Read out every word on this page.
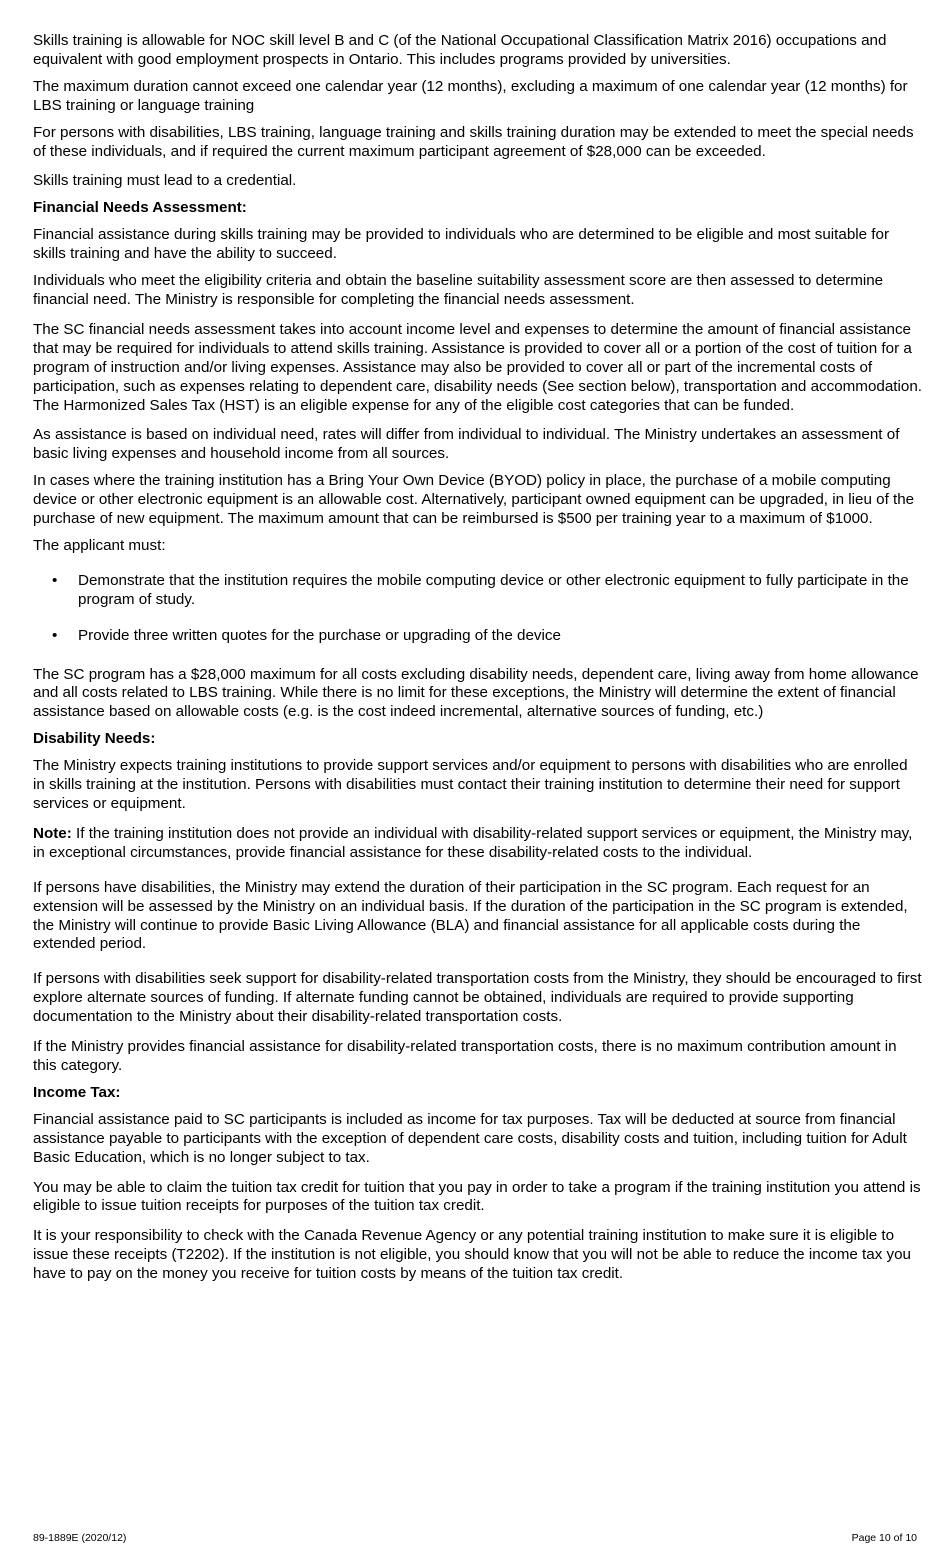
Skills training is allowable for NOC skill level B and C (of the National Occupational Classification Matrix 2016) occupations and equivalent with good employment prospects in Ontario. This includes programs provided by universities.

The maximum duration cannot exceed one calendar year (12 months), excluding a maximum of one calendar year (12 months) for LBS training or language training

For persons with disabilities, LBS training, language training and skills training duration may be extended to meet the special needs of these individuals, and if required the current maximum participant agreement of $28,000 can be exceeded.

Skills training must lead to a credential.

Financial Needs Assessment:

Financial assistance during skills training may be provided to individuals who are determined to be eligible and most suitable for skills training and have the ability to succeed.

Individuals who meet the eligibility criteria and obtain the baseline suitability assessment score are then assessed to determine financial need. The Ministry is responsible for completing the financial needs assessment.

The SC financial needs assessment takes into account income level and expenses to determine the amount of financial assistance that may be required for individuals to attend skills training. Assistance is provided to cover all or a portion of the cost of tuition for a program of instruction and/or living expenses. Assistance may also be provided to cover all or part of the incremental costs of participation, such as expenses relating to dependent care, disability needs (See section below), transportation and accommodation. The Harmonized Sales Tax (HST) is an eligible expense for any of the eligible cost categories that can be funded.

As assistance is based on individual need, rates will differ from individual to individual. The Ministry undertakes an assessment of basic living expenses and household income from all sources.

In cases where the training institution has a Bring Your Own Device (BYOD) policy in place, the purchase of a mobile computing device or other electronic equipment is an allowable cost. Alternatively, participant owned equipment can be upgraded, in lieu of the purchase of new equipment. The maximum amount that can be reimbursed is $500 per training year to a maximum of $1000.

The applicant must:

• Demonstrate that the institution requires the mobile computing device or other electronic equipment to fully participate in the program of study.
• Provide three written quotes for the purchase or upgrading of the device

The SC program has a $28,000 maximum for all costs excluding disability needs, dependent care, living away from home allowance and all costs related to LBS training. While there is no limit for these exceptions, the Ministry will determine the extent of financial assistance based on allowable costs (e.g. is the cost indeed incremental, alternative sources of funding, etc.)

Disability Needs:

The Ministry expects training institutions to provide support services and/or equipment to persons with disabilities who are enrolled in skills training at the institution. Persons with disabilities must contact their training institution to determine their need for support services or equipment.

Note: If the training institution does not provide an individual with disability-related support services or equipment, the Ministry may, in exceptional circumstances, provide financial assistance for these disability-related costs to the individual.

If persons have disabilities, the Ministry may extend the duration of their participation in the SC program. Each request for an extension will be assessed by the Ministry on an individual basis. If the duration of the participation in the SC program is extended, the Ministry will continue to provide Basic Living Allowance (BLA) and financial assistance for all applicable costs during the extended period.

If persons with disabilities seek support for disability-related transportation costs from the Ministry, they should be encouraged to first explore alternate sources of funding. If alternate funding cannot be obtained, individuals are required to provide supporting documentation to the Ministry about their disability-related transportation costs.

If the Ministry provides financial assistance for disability-related transportation costs, there is no maximum contribution amount in this category.

Income Tax:

Financial assistance paid to SC participants is included as income for tax purposes. Tax will be deducted at source from financial assistance payable to participants with the exception of dependent care costs, disability costs and tuition, including tuition for Adult Basic Education, which is no longer subject to tax.

You may be able to claim the tuition tax credit for tuition that you pay in order to take a program if the training institution you attend is eligible to issue tuition receipts for purposes of the tuition tax credit.

It is your responsibility to check with the Canada Revenue Agency or any potential training institution to make sure it is eligible to issue these receipts (T2202). If the institution is not eligible, you should know that you will not be able to reduce the income tax you have to pay on the money you receive for tuition costs by means of the tuition tax credit.

89-1889E (2020/12)	Page 10 of 10
